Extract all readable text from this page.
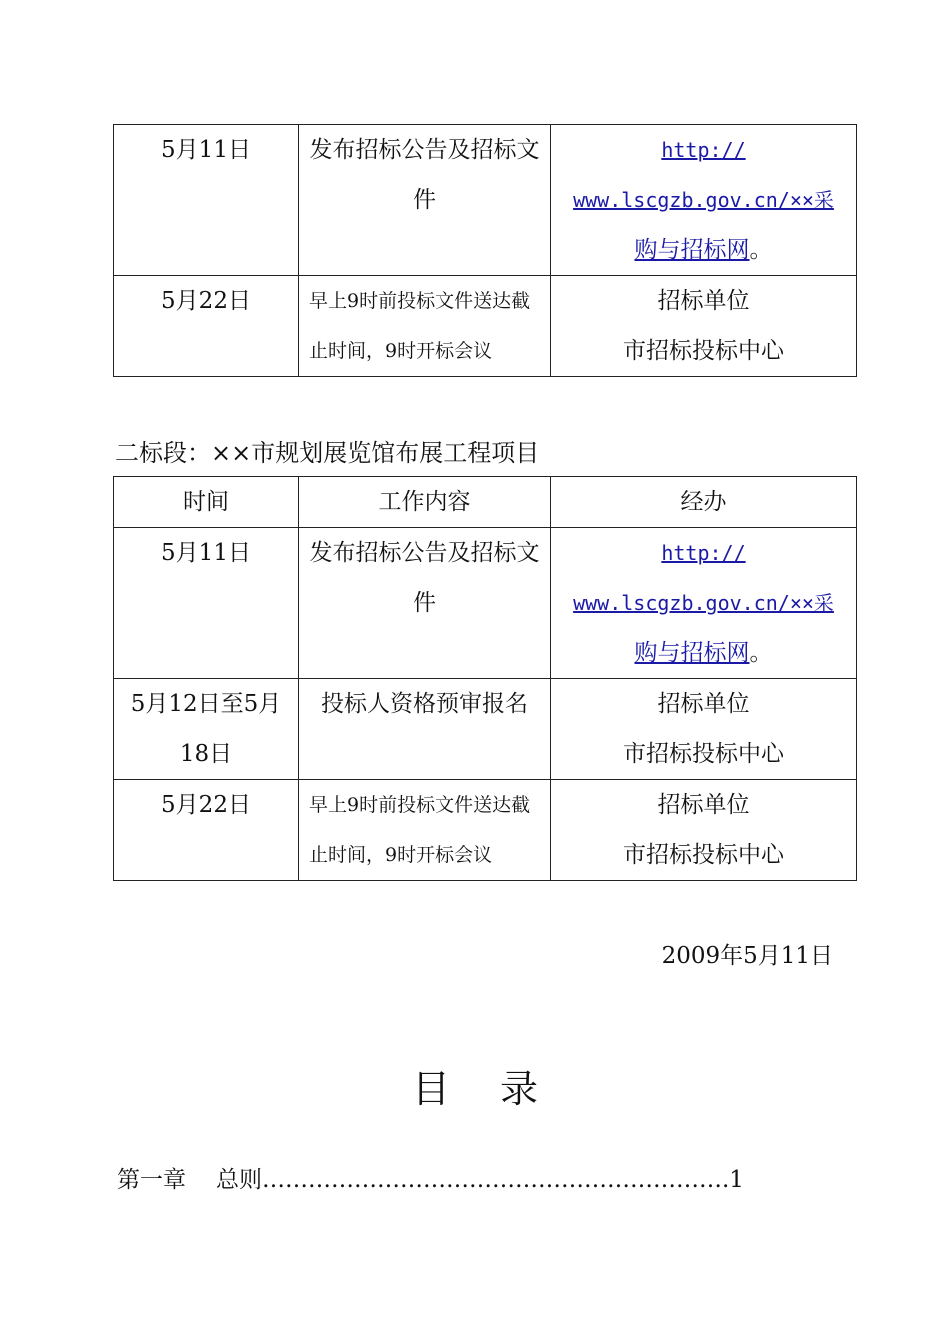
5月11日	发布招标公告及招标文
件	http://
www.lscgzb.gov.cn/××采
购与招标网。

5月22日	早上9时前投标文件送达截
止时间，9时开标会议	招标单位
市招标投标中心
二标段：××市规划展览馆布展工程项目
时间	工作内容	经办
5月11日	发布招标公告及招标文
件	http://
www.lscgzb.gov.cn/××采
购与招标网。

5月12日至5月
18日	投标人资格预审报名	招标单位
市招标投标中心

5月22日	早上9时前投标文件送达截
止时间，9时开标会议	招标单位
市招标投标中心
2009年5月11日
目录
第一章 总则…………………………………………………….1
